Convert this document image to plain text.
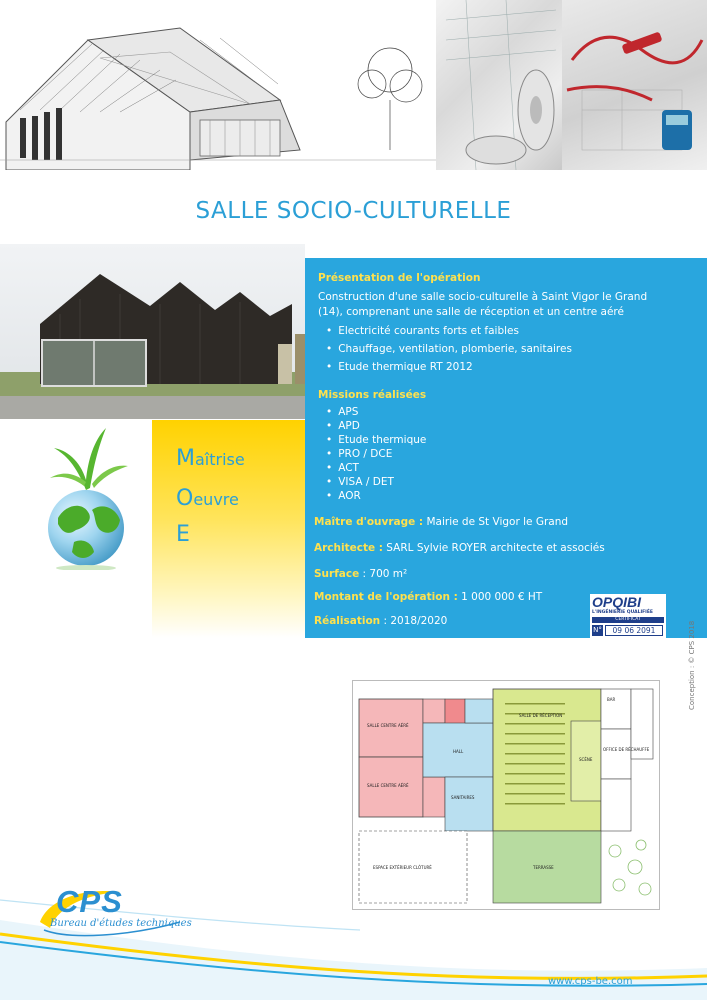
SALLE SOCIO-CULTURELLE
Présentation de l'opération
Construction d'une salle socio-culturelle à Saint Vigor le Grand (14), comprenant une salle de réception et un centre aéré
• Electricité courants forts et faibles
• Chauffage, ventilation, plomberie, sanitaires
• Etude thermique RT 2012
Missions réalisées
• APS
• APD
• Etude thermique
• PRO / DCE
• ACT
• VISA / DET
• AOR
Maître d'ouvrage : Mairie de St Vigor le Grand
Architecte : SARL Sylvie ROYER architecte et associés
Surface : 700 m²
Montant de l'opération : 1 000 000 € HT
Réalisation : 2018/2020
OPQIBI
L'INGÉNIERIE QUALIFIÉE
CERTIFICAT
N°	09 06 2091
Maîtrise
Oeuvre
E
Conception : © CPS 2018
SALLE CENTRE AÉRÉ
SALLE CENTRE AÉRÉ
SALLE DE RÉCEPTION
SCÈNE
HALL
TERRASSE
ESPACE EXTÉRIEUR CLÔTURÉ
SANITAIRES
BAR
OFFICE DE RÉCHAUFFE
CPS
Bureau d'études techniques
www.cps-be.com
